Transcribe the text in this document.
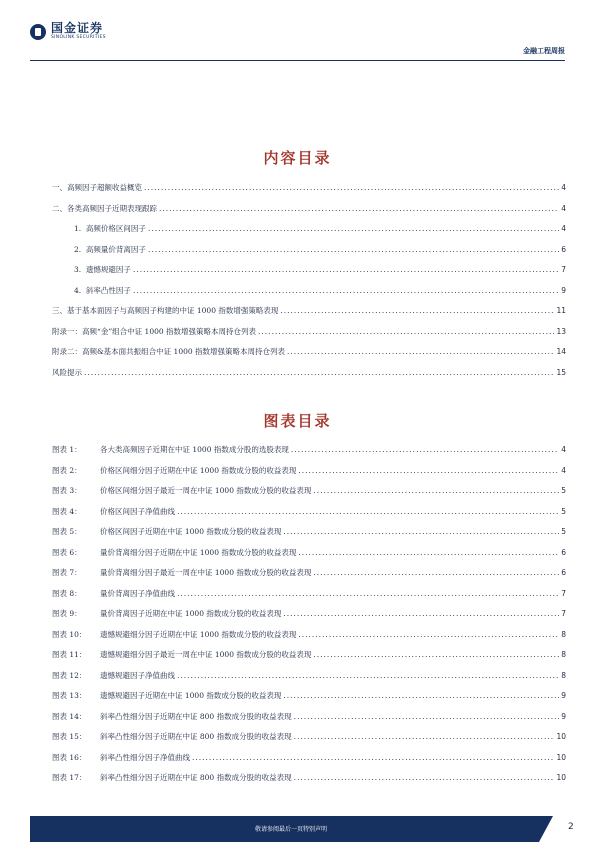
国金证券
SINOLINK SECURITIES
金融工程周报
内容目录
一、高频因子超额收益概览 .....	4
二、各类高频因子近期表现跟踪 .....	4
1.  高频价格区间因子 .....	4
2.  高频量价背离因子 .....	6
3.  遗憾规避因子 .....	7
4.  斜率凸性因子 .....	9
三、基于基本面因子与高频因子构建的中证 1000 指数增强策略表现 .....	11
附录一：高频“金”组合中证 1000 指数增强策略本周持仓列表 .....	13
附录二：高频&基本面共振组合中证 1000 指数增强策略本周持仓列表 .....	14
风险提示 .....	15
图表目录
图表 1： 各大类高频因子近期在中证 1000 指数成分股的选股表现 .....	4
图表 2： 价格区间细分因子近期在中证 1000 指数成分股的收益表现 .....	4
图表 3： 价格区间细分因子最近一周在中证 1000 指数成分股的收益表现 .....	5
图表 4： 价格区间因子净值曲线 .....	5
图表 5： 价格区间因子近期在中证 1000 指数成分股的收益表现 .....	5
图表 6： 量价背离细分因子近期在中证 1000 指数成分股的收益表现 .....	6
图表 7： 量价背离细分因子最近一周在中证 1000 指数成分股的收益表现 .....	6
图表 8： 量价背离因子净值曲线 .....	7
图表 9： 量价背离因子近期在中证 1000 指数成分股的收益表现 .....	7
图表 10： 遗憾规避细分因子近期在中证 1000 指数成分股的收益表现 .....	8
图表 11： 遗憾规避细分因子最近一周在中证 1000 指数成分股的收益表现 .....	8
图表 12： 遗憾规避因子净值曲线 .....	8
图表 13： 遗憾规避因子近期在中证 1000 指数成分股的收益表现 .....	9
图表 14： 斜率凸性细分因子近期在中证 800 指数成分股的收益表现 .....	9
图表 15： 斜率凸性细分因子近期在中证 800 指数成分股的收益表现 .....	10
图表 16： 斜率凸性细分因子净值曲线 .....	10
图表 17： 斜率凸性细分因子近期在中证 800 指数成分股的收益表现 .....	10
敬请参阅最后一页特别声明	2
